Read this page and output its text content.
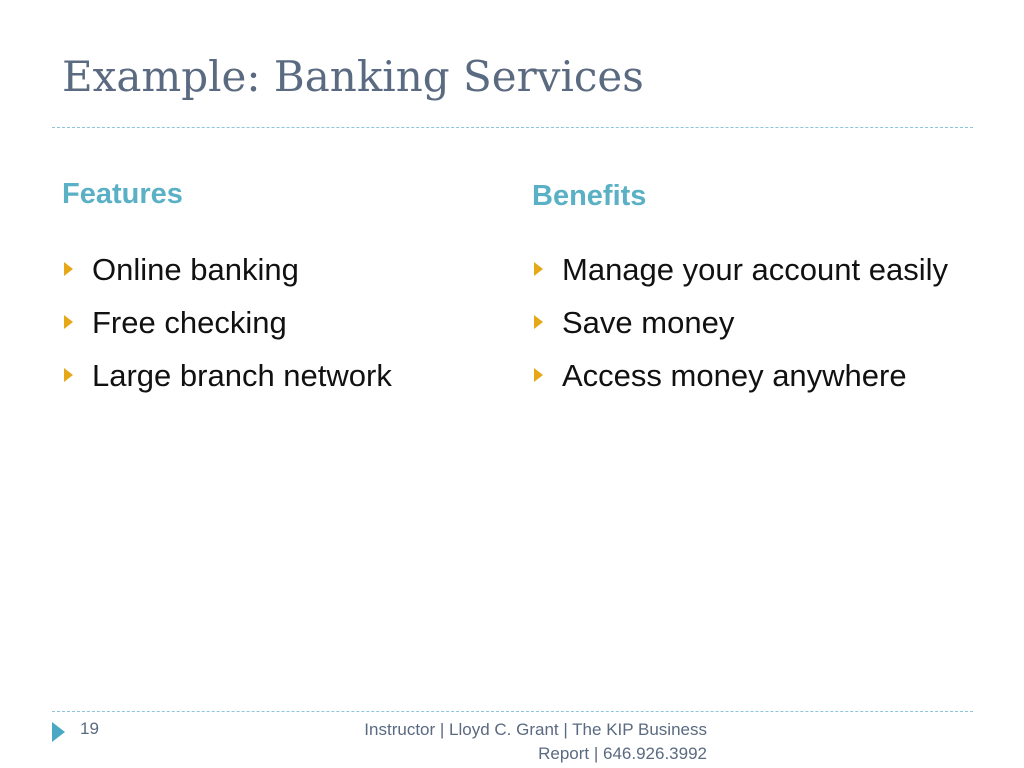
Example: Banking Services
Features
Online banking
Free checking
Large branch network
Benefits
Manage your account easily
Save money
Access money anywhere
19	Instructor | Lloyd C. Grant | The KIP Business Report | 646.926.3992
